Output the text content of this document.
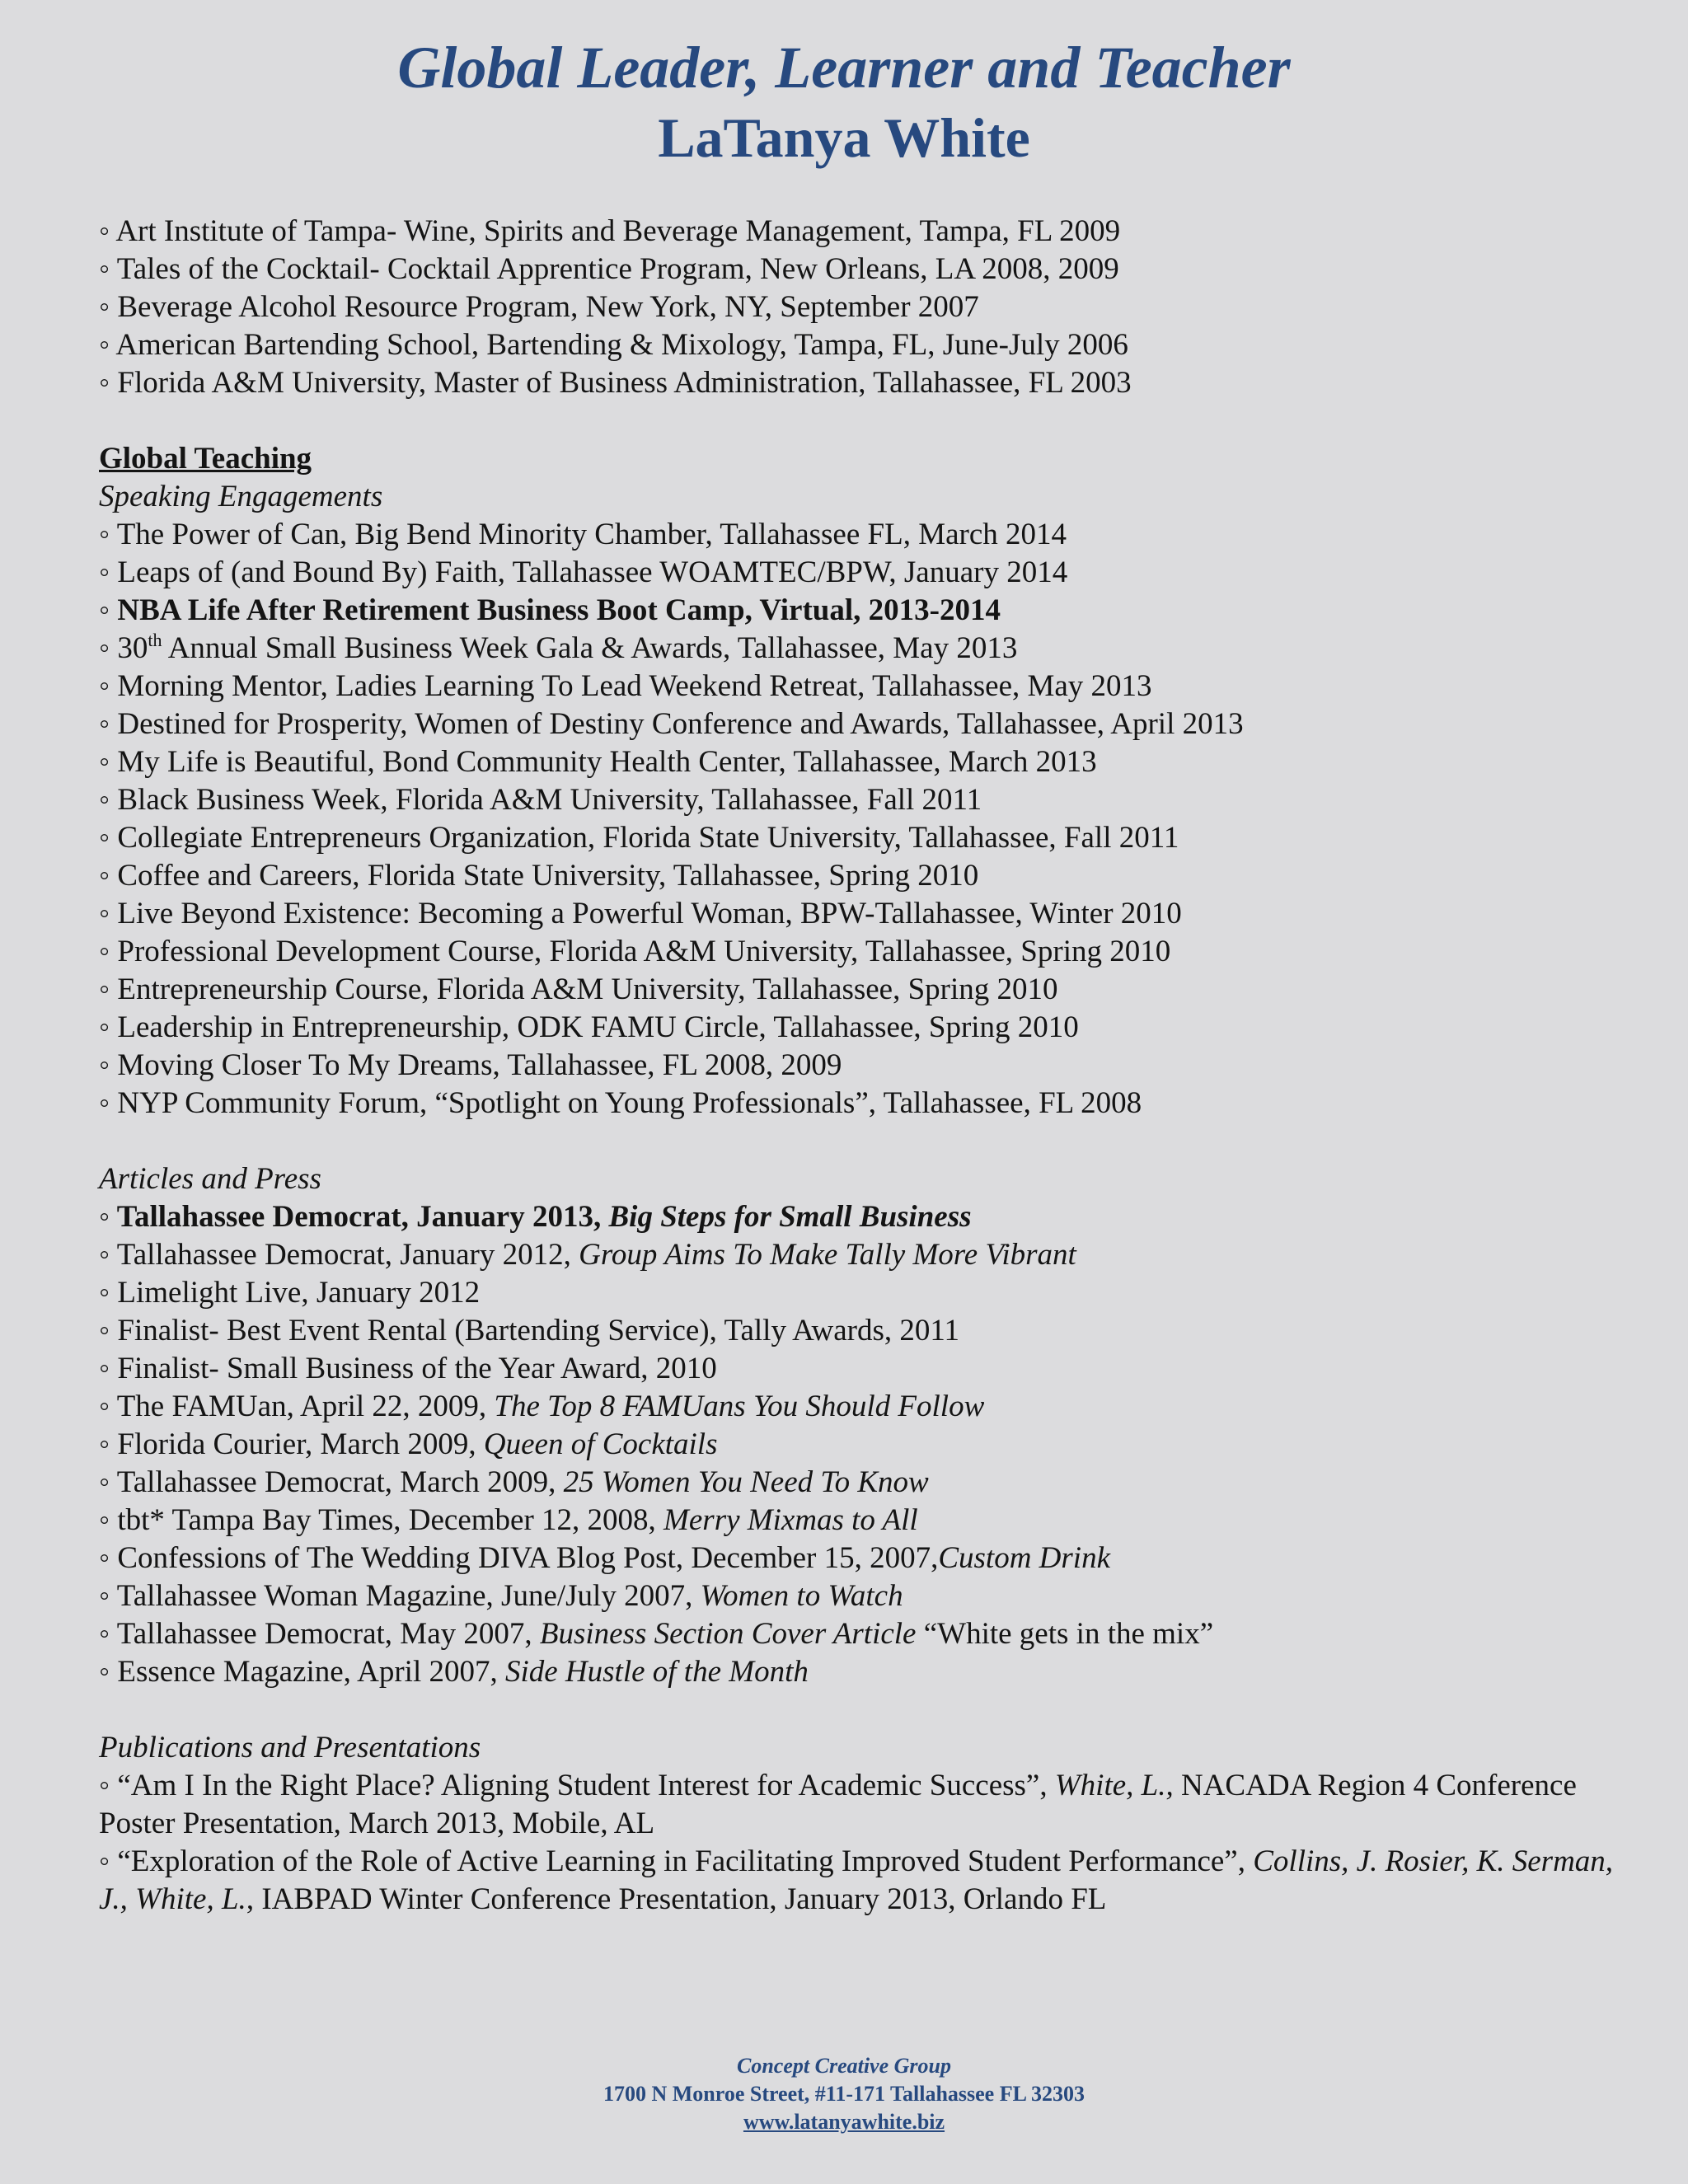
Global Leader, Learner and Teacher
LaTanya White
◦ Art Institute of Tampa- Wine, Spirits and Beverage Management, Tampa, FL 2009
◦ Tales of the Cocktail- Cocktail Apprentice Program, New Orleans, LA 2008, 2009
◦ Beverage Alcohol Resource Program, New York, NY, September 2007
◦ American Bartending School, Bartending & Mixology, Tampa, FL, June-July 2006
◦ Florida A&M University, Master of Business Administration, Tallahassee, FL 2003
Global Teaching
Speaking Engagements
◦ The Power of Can, Big Bend Minority Chamber, Tallahassee FL, March 2014
◦ Leaps of (and Bound By) Faith, Tallahassee WOAMTEC/BPW, January 2014
◦ NBA Life After Retirement Business Boot Camp, Virtual, 2013-2014
◦ 30th Annual Small Business Week Gala & Awards, Tallahassee, May 2013
◦ Morning Mentor, Ladies Learning To Lead Weekend Retreat, Tallahassee, May 2013
◦ Destined for Prosperity, Women of Destiny Conference and Awards, Tallahassee, April 2013
◦ My Life is Beautiful, Bond Community Health Center, Tallahassee, March 2013
◦ Black Business Week, Florida A&M University, Tallahassee, Fall 2011
◦ Collegiate Entrepreneurs Organization, Florida State University, Tallahassee, Fall 2011
◦ Coffee and Careers, Florida State University, Tallahassee, Spring 2010
◦ Live Beyond Existence: Becoming a Powerful Woman, BPW-Tallahassee, Winter 2010
◦ Professional Development Course, Florida A&M University, Tallahassee, Spring 2010
◦ Entrepreneurship Course, Florida A&M University, Tallahassee, Spring 2010
◦ Leadership in Entrepreneurship, ODK FAMU Circle, Tallahassee, Spring 2010
◦ Moving Closer To My Dreams, Tallahassee, FL 2008, 2009
◦ NYP Community Forum, “Spotlight on Young Professionals”, Tallahassee, FL 2008
Articles and Press
◦ Tallahassee Democrat, January 2013, Big Steps for Small Business
◦ Tallahassee Democrat, January 2012, Group Aims To Make Tally More Vibrant
◦ Limelight Live, January 2012
◦ Finalist- Best Event Rental (Bartending Service), Tally Awards, 2011
◦ Finalist- Small Business of the Year Award, 2010
◦ The FAMUan, April 22, 2009, The Top 8 FAMUans You Should Follow
◦ Florida Courier, March 2009, Queen of Cocktails
◦ Tallahassee Democrat, March 2009, 25 Women You Need To Know
◦ tbt* Tampa Bay Times, December 12, 2008, Merry Mixmas to All
◦ Confessions of The Wedding DIVA Blog Post, December 15, 2007,Custom Drink
◦ Tallahassee Woman Magazine, June/July 2007, Women to Watch
◦ Tallahassee Democrat, May 2007, Business Section Cover Article “White gets in the mix”
◦ Essence Magazine, April 2007, Side Hustle of the Month
Publications and Presentations
◦ “Am I In the Right Place? Aligning Student Interest for Academic Success”, White, L., NACADA Region 4 Conference Poster Presentation, March 2013, Mobile, AL
◦ “Exploration of the Role of Active Learning in Facilitating Improved Student Performance”, Collins, J. Rosier, K. Serman, J., White, L., IABPAD Winter Conference Presentation, January 2013, Orlando FL
Concept Creative Group
1700 N Monroe Street, #11-171 Tallahassee FL 32303
www.latanyawhite.biz
